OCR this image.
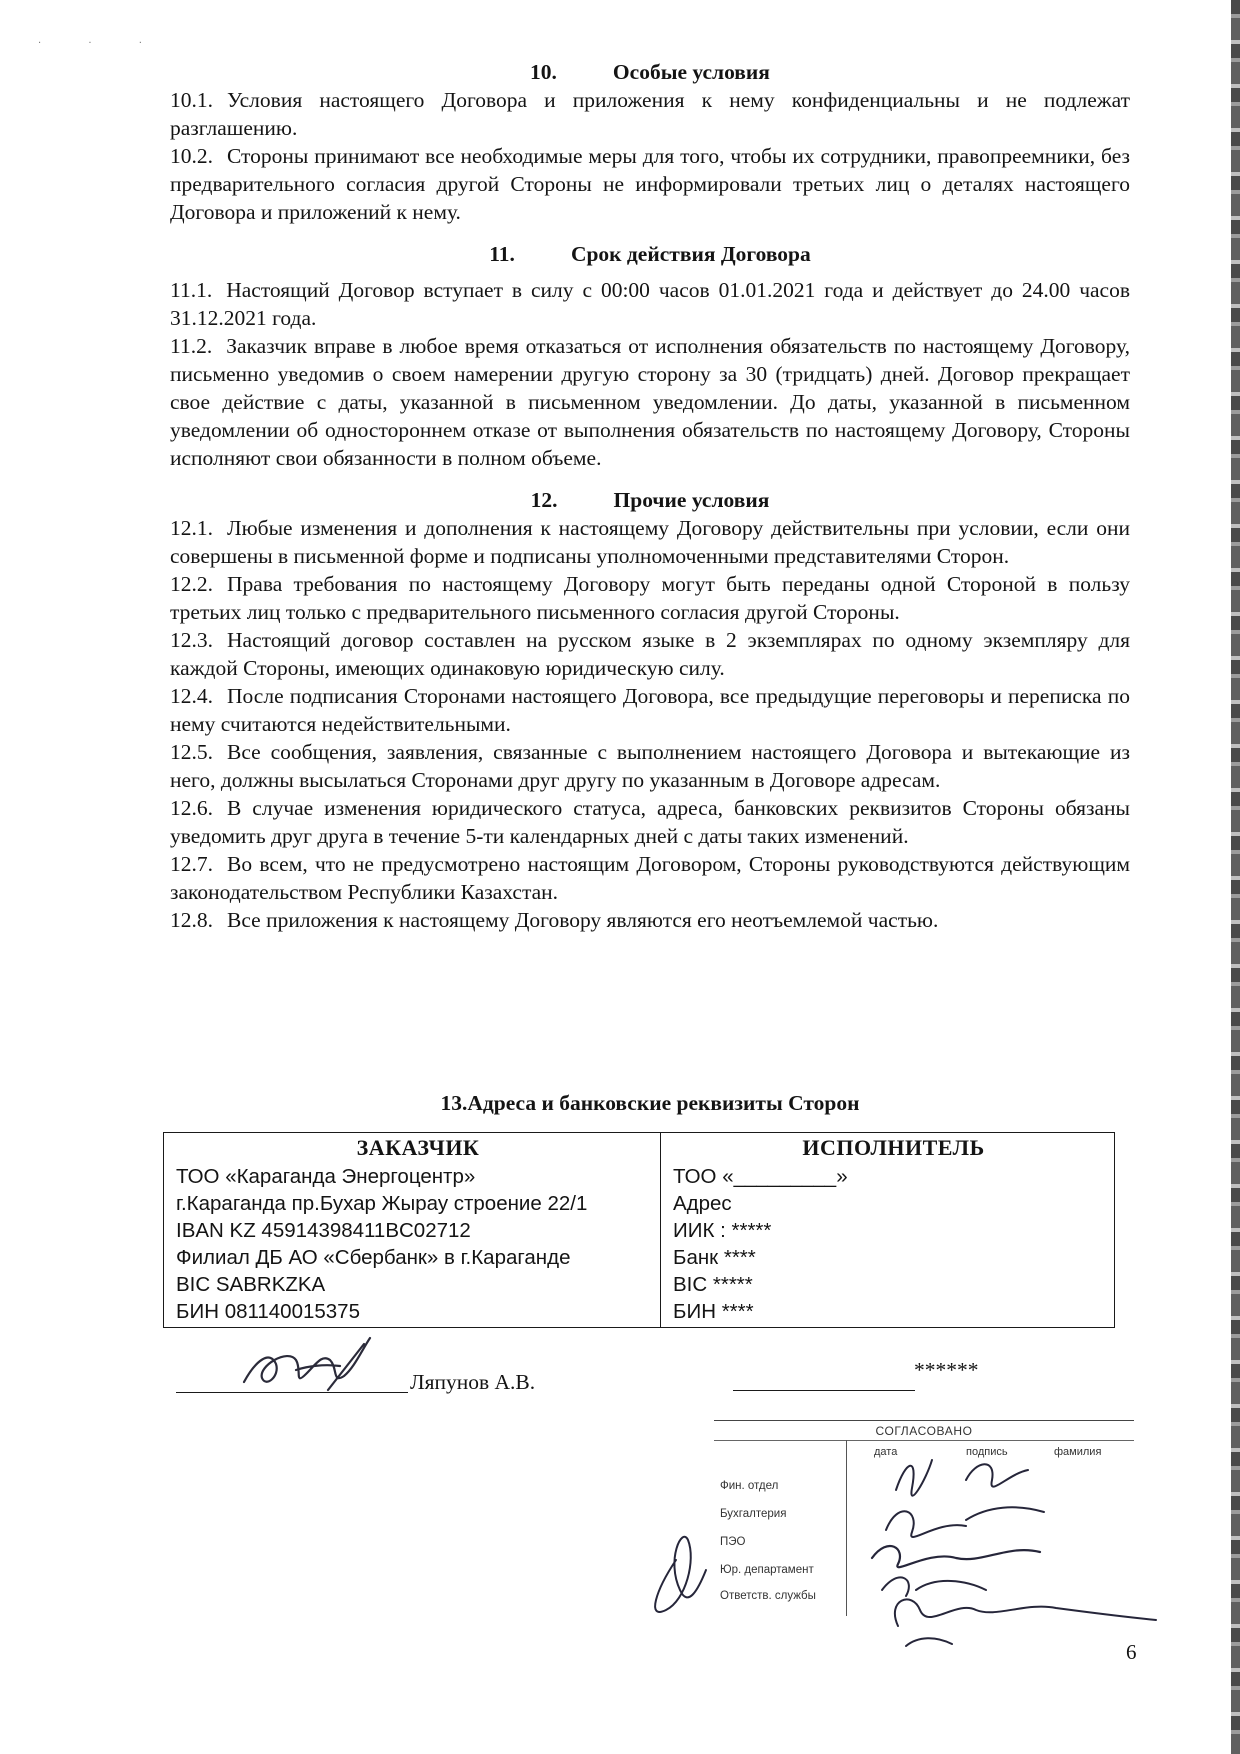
· · ·
10.	Особые условия
10.1. Условия настоящего Договора и приложения к нему конфиденциальны и не подлежат разглашению.
10.2. Стороны принимают все необходимые меры для того, чтобы их сотрудники, правопреемники, без предварительного согласия другой Стороны не информировали третьих лиц о деталях настоящего Договора и приложений к нему.
11.	Срок действия Договора
11.1. Настоящий Договор вступает в силу с 00:00 часов 01.01.2021 года и действует до 24.00 часов 31.12.2021 года.
11.2. Заказчик вправе в любое время отказаться от исполнения обязательств по настоящему Договору, письменно уведомив о своем намерении другую сторону за 30 (тридцать) дней. Договор прекращает свое действие с даты, указанной в письменном уведомлении. До даты, указанной в письменном уведомлении об одностороннем отказе от выполнения обязательств по настоящему Договору, Стороны исполняют свои обязанности в полном объеме.
12.	Прочие условия
12.1. Любые изменения и дополнения к настоящему Договору действительны при условии, если они совершены в письменной форме и подписаны уполномоченными представителями Сторон.
12.2. Права требования по настоящему Договору могут быть переданы одной Стороной в пользу третьих лиц только с предварительного письменного согласия другой Стороны.
12.3. Настоящий договор составлен на русском языке в 2 экземплярах по одному экземпляру для каждой Стороны, имеющих одинаковую юридическую силу.
12.4. После подписания Сторонами настоящего Договора, все предыдущие переговоры и переписка по нему считаются недействительными.
12.5. Все сообщения, заявления, связанные с выполнением настоящего Договора и вытекающие из него, должны высылаться Сторонами друг другу по указанным в Договоре адресам.
12.6. В случае изменения юридического статуса, адреса, банковских реквизитов Стороны обязаны уведомить друг друга в течение 5-ти календарных дней с даты таких изменений.
12.7. Во всем, что не предусмотрено настоящим Договором, Стороны руководствуются действующим законодательством Республики Казахстан.
12.8. Все приложения к настоящему Договору являются его неотъемлемой частью.
13.Адреса и банковские реквизиты Сторон
ЗАКАЗЧИК
ТОО «Караганда Энергоцентр»
г.Караганда пр.Бухар Жырау строение 22/1
IBAN KZ 45914398411BC02712
Филиал ДБ АО «Сбербанк» в г.Караганде
BIC SABRKZKA
БИН 081140015375
ИСПОЛНИТЕЛЬ
ТОО «_________»
Адрес
ИИК : *****
Банк ****
BIC *****
БИН ****
Ляпунов А.В.	******
СОГЛАСОВАНО
дата	подпись	фамилия
Фин. отдел
Бухгалтерия
ПЭО
Юр. департамент
Ответств. службы
6
